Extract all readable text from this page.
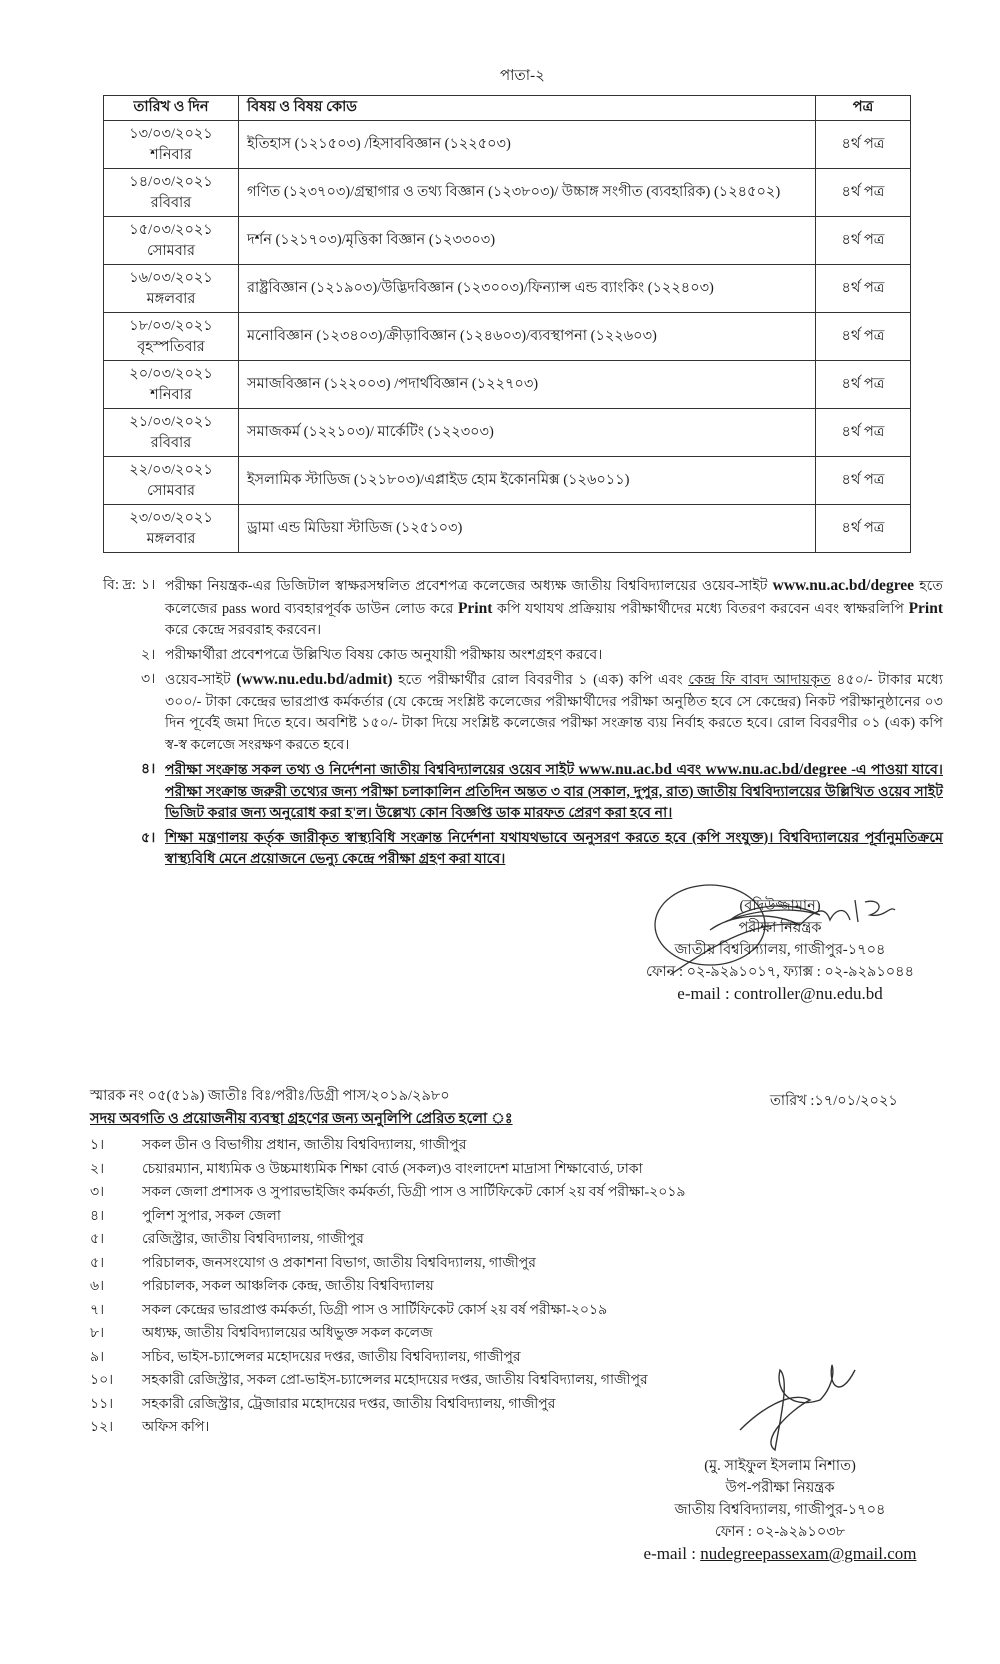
পাতা-২
তারিখ ও দিন	বিষয় ও বিষয় কোড	পত্র

১৩/০৩/২০২১
শনিবার	ইতিহাস (১২১৫০৩) /হিসাববিজ্ঞান (১২২৫০৩)	৪র্থ পত্র

১৪/০৩/২০২১
রবিবার	গণিত (১২৩৭০৩)/গ্রন্থাগার ও তথ্য বিজ্ঞান (১২৩৮০৩)/ উচ্চাঙ্গ সংগীত (ব্যবহারিক) (১২৪৫০২)	৪র্থ পত্র

১৫/০৩/২০২১
সোমবার	দর্শন (১২১৭০৩)/মৃত্তিকা বিজ্ঞান (১২৩৩০৩)	৪র্থ পত্র

১৬/০৩/২০২১
মঙ্গলবার	রাষ্ট্রবিজ্ঞান (১২১৯০৩)/উদ্ভিদবিজ্ঞান (১২৩০০৩)/ফিন্যান্স এন্ড ব্যাংকিং (১২২৪০৩)	৪র্থ পত্র

১৮/০৩/২০২১
বৃহস্পতিবার	মনোবিজ্ঞান (১২৩৪০৩)/ক্রীড়াবিজ্ঞান (১২৪৬০৩)/ব্যবস্থাপনা (১২২৬০৩)	৪র্থ পত্র

২০/০৩/২০২১
শনিবার	সমাজবিজ্ঞান (১২২০০৩) /পদার্থবিজ্ঞান (১২২৭০৩)	৪র্থ পত্র

২১/০৩/২০২১
রবিবার	সমাজকর্ম (১২২১০৩)/ মার্কেটিং (১২২৩০৩)	৪র্থ পত্র

২২/০৩/২০২১
সোমবার	ইসলামিক স্টাডিজ (১২১৮০৩)/এপ্লাইড হোম ইকোনমিক্স (১২৬০১১)	৪র্থ পত্র

২৩/০৩/২০২১
মঙ্গলবার	ড্রামা এন্ড মিডিয়া স্টাডিজ (১২৫১০৩)	৪র্থ পত্র
বি: দ্র: ১। পরীক্ষা নিয়ন্ত্রক-এর ডিজিটাল স্বাক্ষরসম্বলিত প্রবেশপত্র কলেজের অধ্যক্ষ জাতীয় বিশ্ববিদ্যালয়ের ওয়েব-সাইট www.nu.ac.bd/degree হতে কলেজের pass word ব্যবহারপূর্বক ডাউন লোড করে Print কপি যথাযথ প্রক্রিয়ায় পরীক্ষার্থীদের মধ্যে বিতরণ করবেন এবং স্বাক্ষরলিপি Print করে কেন্দ্রে সরবরাহ করবেন।
২। পরীক্ষার্থীরা প্রবেশপত্রে উল্লিখিত বিষয় কোড অনুযায়ী পরীক্ষায় অংশগ্রহণ করবে।
৩। ওয়েব-সাইট (www.nu.edu.bd/admit) হতে পরীক্ষার্থীর রোল বিবরণীর ১ (এক) কপি এবং কেন্দ্র ফি বাবদ আদায়কৃত ৪৫০/- টাকার মধ্যে ৩০০/- টাকা কেন্দ্রের ভারপ্রাপ্ত কর্মকর্তার (যে কেন্দ্রে সংশ্লিষ্ট কলেজের পরীক্ষার্থীদের পরীক্ষা অনুষ্ঠিত হবে সে কেন্দ্রের) নিকট পরীক্ষানুষ্ঠানের ০৩ দিন পূর্বেই জমা দিতে হবে। অবশিষ্ট ১৫০/- টাকা দিয়ে সংশ্লিষ্ট কলেজের পরীক্ষা সংক্রান্ত ব্যয় নির্বাহ করতে হবে। রোল বিবরণীর ০১ (এক) কপি স্ব-স্ব কলেজে সংরক্ষণ করতে হবে।
৪। পরীক্ষা সংক্রান্ত সকল তথ্য ও নির্দেশনা জাতীয় বিশ্ববিদ্যালয়ের ওয়েব সাইট www.nu.ac.bd এবং www.nu.ac.bd/degree -এ পাওয়া যাবে। পরীক্ষা সংক্রান্ত জরুরী তথ্যের জন্য পরীক্ষা চলাকালিন প্রতিদিন অন্তত ৩ বার (সকাল, দুপুর, রাত) জাতীয় বিশ্ববিদ্যালয়ের উল্লিখিত ওয়েব সাইট ভিজিট করার জন্য অনুরোধ করা হ'ল। উল্লেখ্য কোন বিজ্ঞপ্তি ডাক মারফত প্রেরণ করা হবে না।
৫। শিক্ষা মন্ত্রণালয় কর্তৃক জারীকৃত স্বাস্থ্যবিধি সংক্রান্ত নির্দেশনা যথাযথভাবে অনুসরণ করতে হবে (কপি সংযুক্ত)। বিশ্ববিদ্যালয়ের পূর্বানুমতিক্রমে স্বাস্থ্যবিধি মেনে প্রয়োজনে ভেন্যু কেন্দ্রে পরীক্ষা গ্রহণ করা যাবে।
(বদিউজ্জামান)
পরীক্ষা নিয়ন্ত্রক
জাতীয় বিশ্ববিদ্যালয়, গাজীপুর-১৭০৪
ফোন : ০২-৯২৯১০১৭, ফ্যাক্স : ০২-৯২৯১০৪৪
e-mail : controller@nu.edu.bd
স্মারক নং ০৫(৫১৯) জাতীঃ বিঃ/পরীঃ/ডিগ্রী পাস/২০১৯/২৯৮০	তারিখ :১৭/০১/২০২১
সদয় অবগতি ও প্রয়োজনীয় ব্যবস্থা গ্রহণের জন্য অনুলিপি প্রেরিত হলো ঃ
১।	সকল ডীন ও বিভাগীয় প্রধান, জাতীয় বিশ্ববিদ্যালয়, গাজীপুর
২।	চেয়ারম্যান, মাধ্যমিক ও উচ্চমাধ্যমিক শিক্ষা বোর্ড (সকল)ও বাংলাদেশ মাদ্রাসা শিক্ষাবোর্ড, ঢাকা
৩।	সকল জেলা প্রশাসক ও সুপারভাইজিং কর্মকর্তা, ডিগ্রী পাস ও সার্টিফিকেট কোর্স ২য় বর্ষ পরীক্ষা-২০১৯
৪।	পুলিশ সুপার, সকল জেলা
৫।	রেজিস্ট্রার, জাতীয় বিশ্ববিদ্যালয়, গাজীপুর
৫।	পরিচালক, জনসংযোগ ও প্রকাশনা বিভাগ, জাতীয় বিশ্ববিদ্যালয়, গাজীপুর
৬।	পরিচালক, সকল আঞ্চলিক কেন্দ্র, জাতীয় বিশ্ববিদ্যালয়
৭।	সকল কেন্দ্রের ভারপ্রাপ্ত কর্মকর্তা, ডিগ্রী পাস ও সার্টিফিকেট কোর্স ২য় বর্ষ পরীক্ষা-২০১৯
৮।	অধ্যক্ষ, জাতীয় বিশ্ববিদ্যালয়ের অধিভুক্ত সকল কলেজ
৯।	সচিব, ভাইস-চ্যান্সেলর মহোদয়ের দপ্তর, জাতীয় বিশ্ববিদ্যালয়, গাজীপুর
১০।	সহকারী রেজিস্ট্রার, সকল প্রো-ভাইস-চ্যান্সেলর মহোদয়ের দপ্তর, জাতীয় বিশ্ববিদ্যালয়, গাজীপুর
১১।	সহকারী রেজিস্ট্রার, ট্রেজারার মহোদয়ের দপ্তর, জাতীয় বিশ্ববিদ্যালয়, গাজীপুর
১২।	অফিস কপি।
(মু. সাইফুল ইসলাম নিশাত)
উপ-পরীক্ষা নিয়ন্ত্রক
জাতীয় বিশ্ববিদ্যালয়, গাজীপুর-১৭০৪
ফোন : ০২-৯২৯১০৩৮
e-mail : nudegreepassexam@gmail.com
